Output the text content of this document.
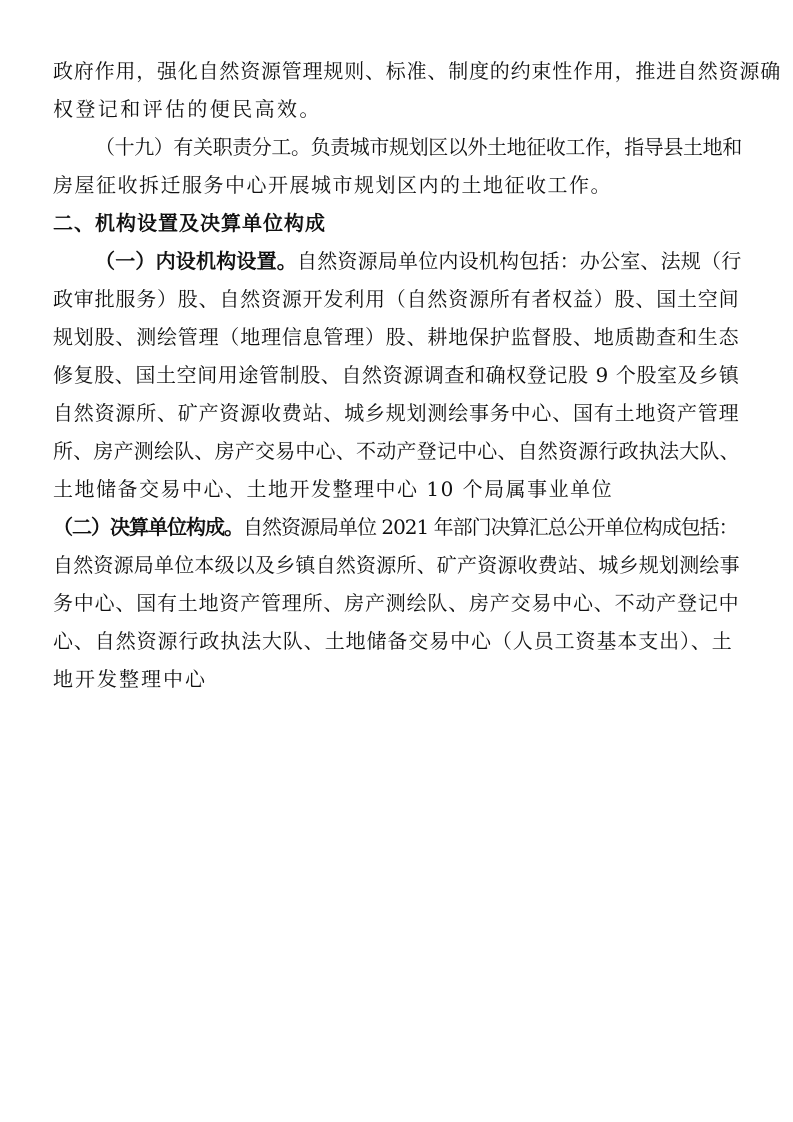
政府作用，强化自然资源管理规则、标准、制度的约束性作用，推进自然资源确
权登记和评估的便民高效。
（十九）有关职责分工。负责城市规划区以外土地征收工作，指导县土地和
房屋征收拆迁服务中心开展城市规划区内的土地征收工作。
二、机构设置及决算单位构成
（一）内设机构设置。自然资源局单位内设机构包括：办公室、法规（行
政审批服务）股、自然资源开发利用（自然资源所有者权益）股、国土空间
规划股、测绘管理（地理信息管理）股、耕地保护监督股、地质勘查和生态
修复股、国土空间用途管制股、自然资源调查和确权登记股 9 个股室及乡镇
自然资源所、矿产资源收费站、城乡规划测绘事务中心、国有土地资产管理
所、房产测绘队、房产交易中心、不动产登记中心、自然资源行政执法大队、
土地储备交易中心、土地开发整理中心 10 个局属事业单位
（二）决算单位构成。自然资源局单位 2021 年部门决算汇总公开单位构成包括：
自然资源局单位本级以及乡镇自然资源所、矿产资源收费站、城乡规划测绘事
务中心、国有土地资产管理所、房产测绘队、房产交易中心、不动产登记中
心、自然资源行政执法大队、土地储备交易中心（人员工资基本支出）、土
地开发整理中心
